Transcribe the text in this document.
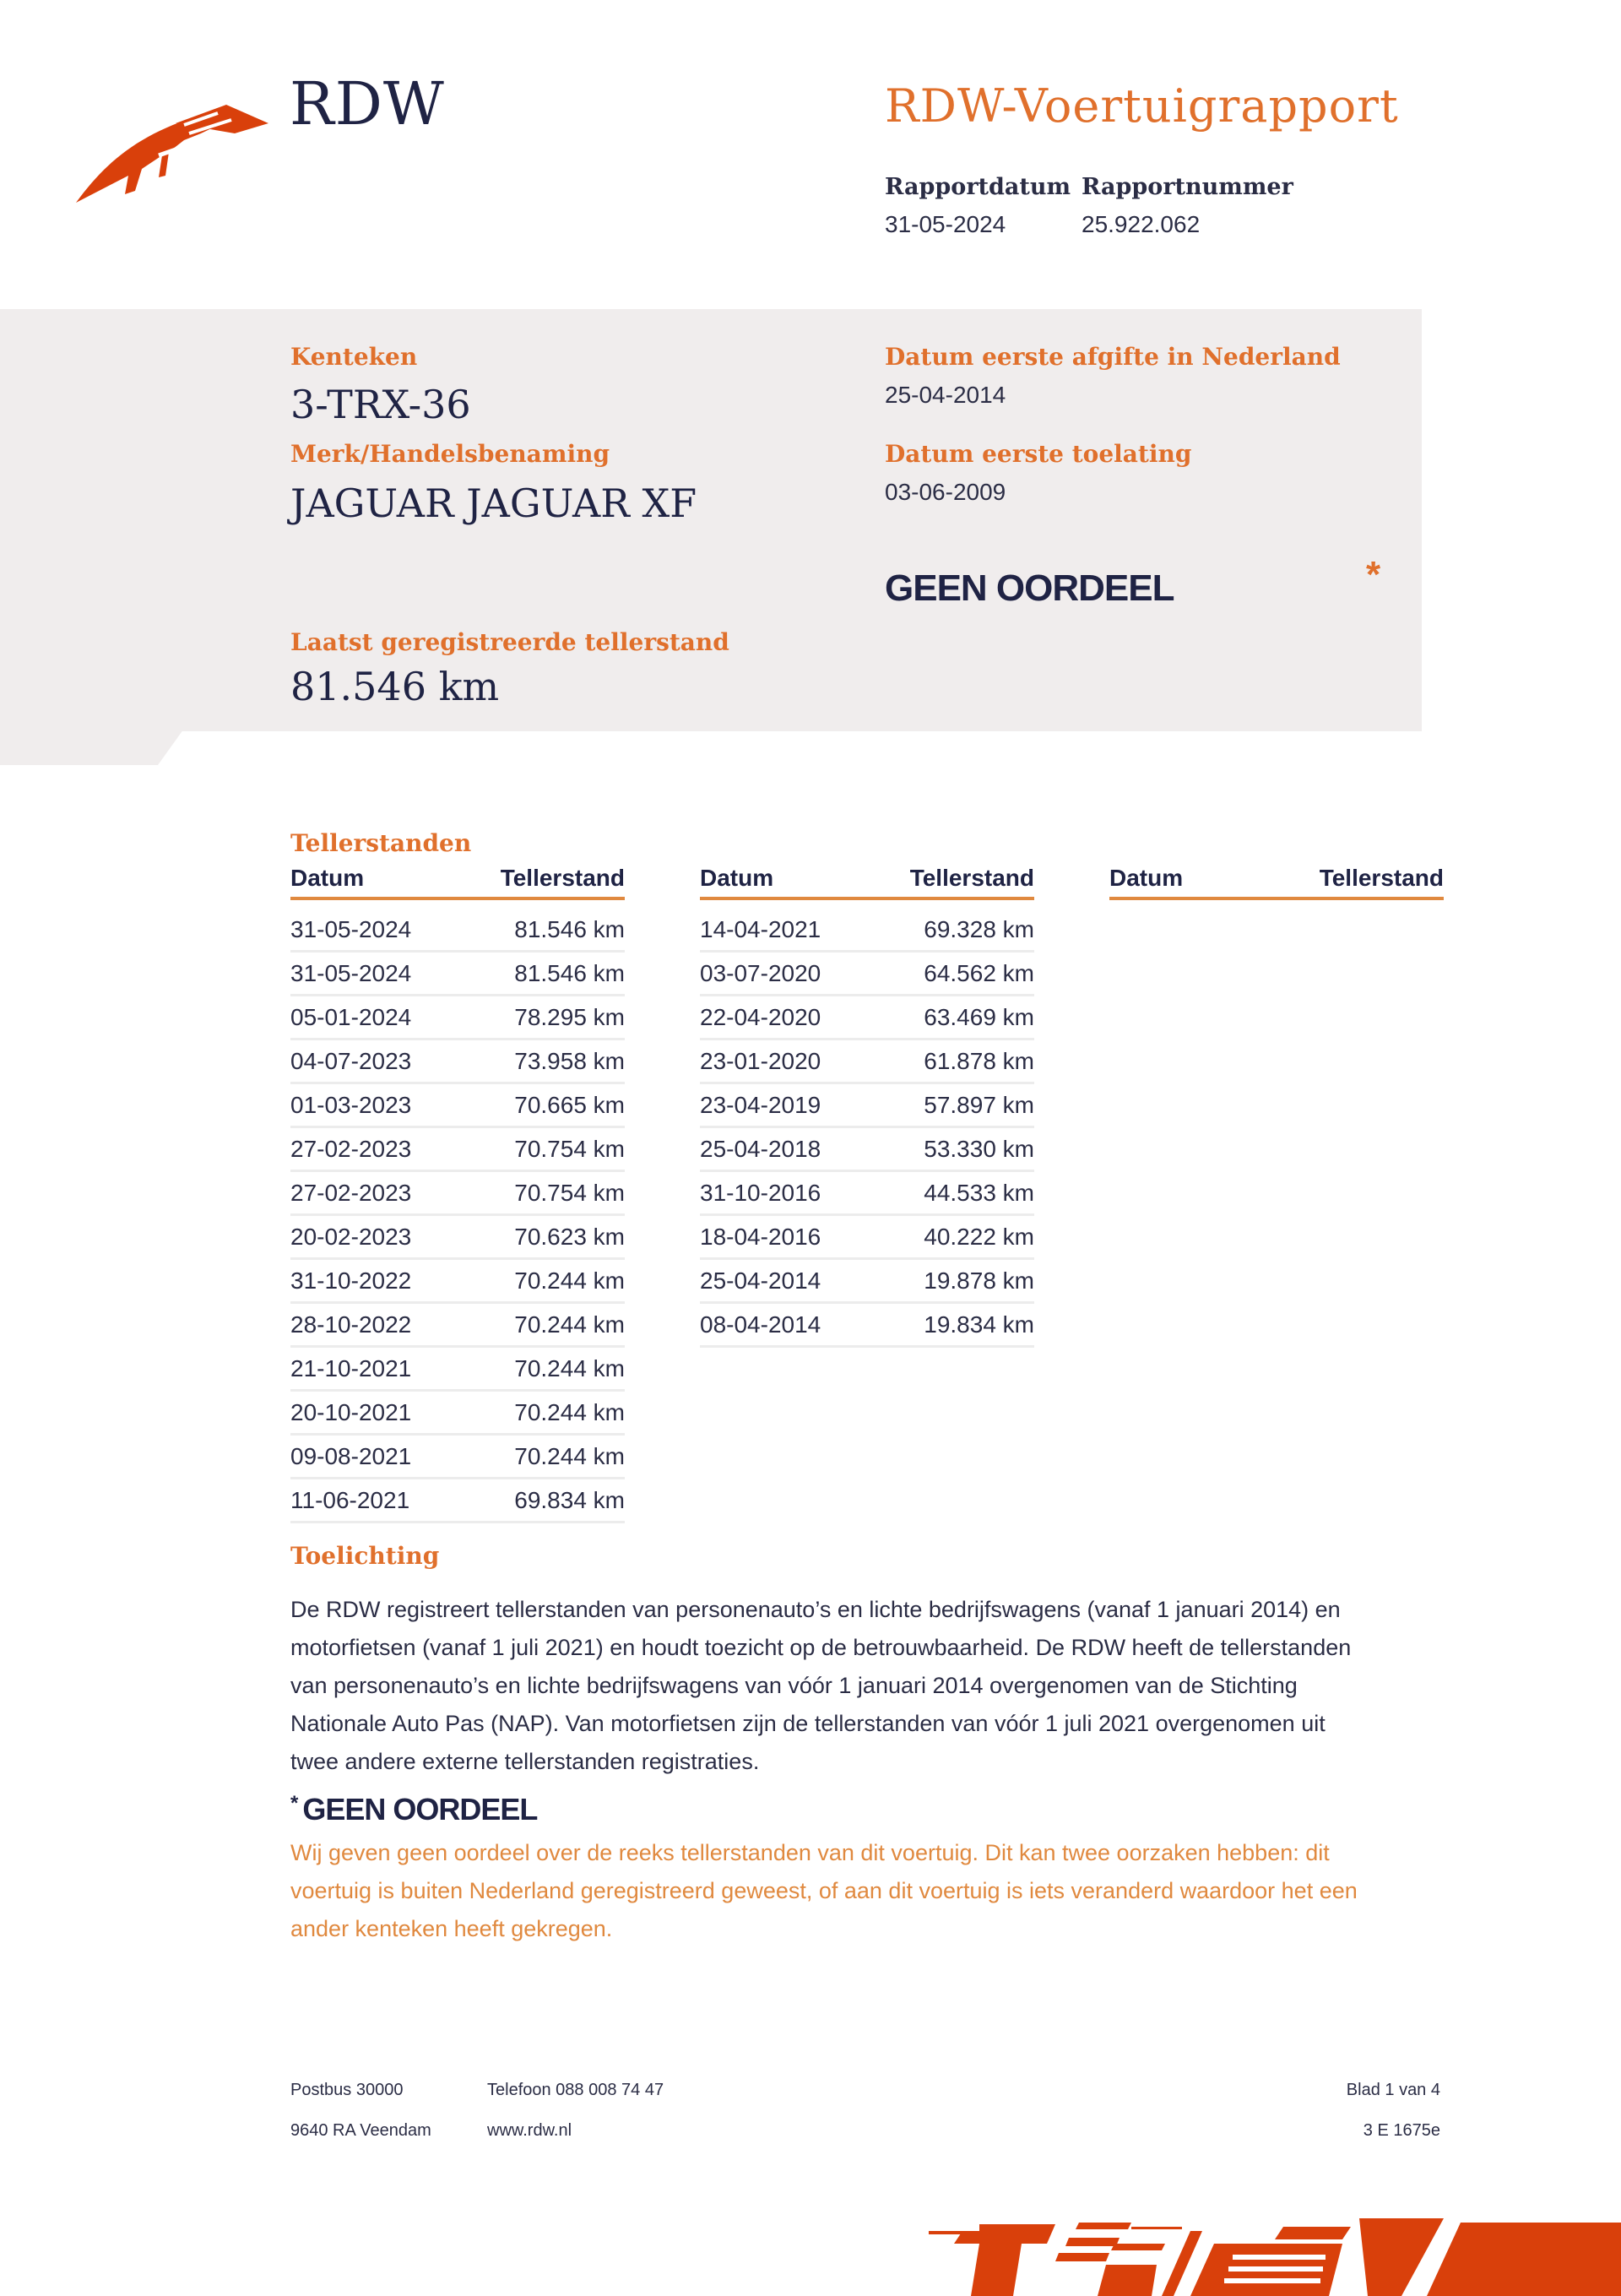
RDW	RDW-Voertuigrapport
Rapportdatum
31-05-2024
Rapportnummer
25.922.062
Kenteken
3-TRX-36
Merk/Handelsbenaming
JAGUAR JAGUAR XF
Datum eerste afgifte in Nederland
25-04-2014
Datum eerste toelating
03-06-2009
GEEN OORDEEL	*
Laatst geregistreerde tellerstand
81.546 km
Tellerstanden
Datum	Tellerstand
31-05-2024	81.546 km
31-05-2024	81.546 km
05-01-2024	78.295 km
04-07-2023	73.958 km
01-03-2023	70.665 km
27-02-2023	70.754 km
27-02-2023	70.754 km
20-02-2023	70.623 km
31-10-2022	70.244 km
28-10-2022	70.244 km
21-10-2021	70.244 km
20-10-2021	70.244 km
09-08-2021	70.244 km
11-06-2021	69.834 km
Datum	Tellerstand
14-04-2021	69.328 km
03-07-2020	64.562 km
22-04-2020	63.469 km
23-01-2020	61.878 km
23-04-2019	57.897 km
25-04-2018	53.330 km
31-10-2016	44.533 km
18-04-2016	40.222 km
25-04-2014	19.878 km
08-04-2014	19.834 km
Datum	Tellerstand
Toelichting
De RDW registreert tellerstanden van personenauto’s en lichte bedrijfswagens (vanaf 1 januari 2014) en
motorfietsen (vanaf 1 juli 2021) en houdt toezicht op de betrouwbaarheid. De RDW heeft de tellerstanden
van personenauto’s en lichte bedrijfswagens van vóór 1 januari 2014 overgenomen van de Stichting
Nationale Auto Pas (NAP). Van motorfietsen zijn de tellerstanden van vóór 1 juli 2021 overgenomen uit
twee andere externe tellerstanden registraties.
* GEEN OORDEEL
Wij geven geen oordeel over de reeks tellerstanden van dit voertuig. Dit kan twee oorzaken hebben: dit
voertuig is buiten Nederland geregistreerd geweest, of aan dit voertuig is iets veranderd waardoor het een
ander kenteken heeft gekregen.
Postbus 30000
9640 RA Veendam
Telefoon 088 008 74 47
www.rdw.nl
Blad 1 van 4
3 E 1675e
